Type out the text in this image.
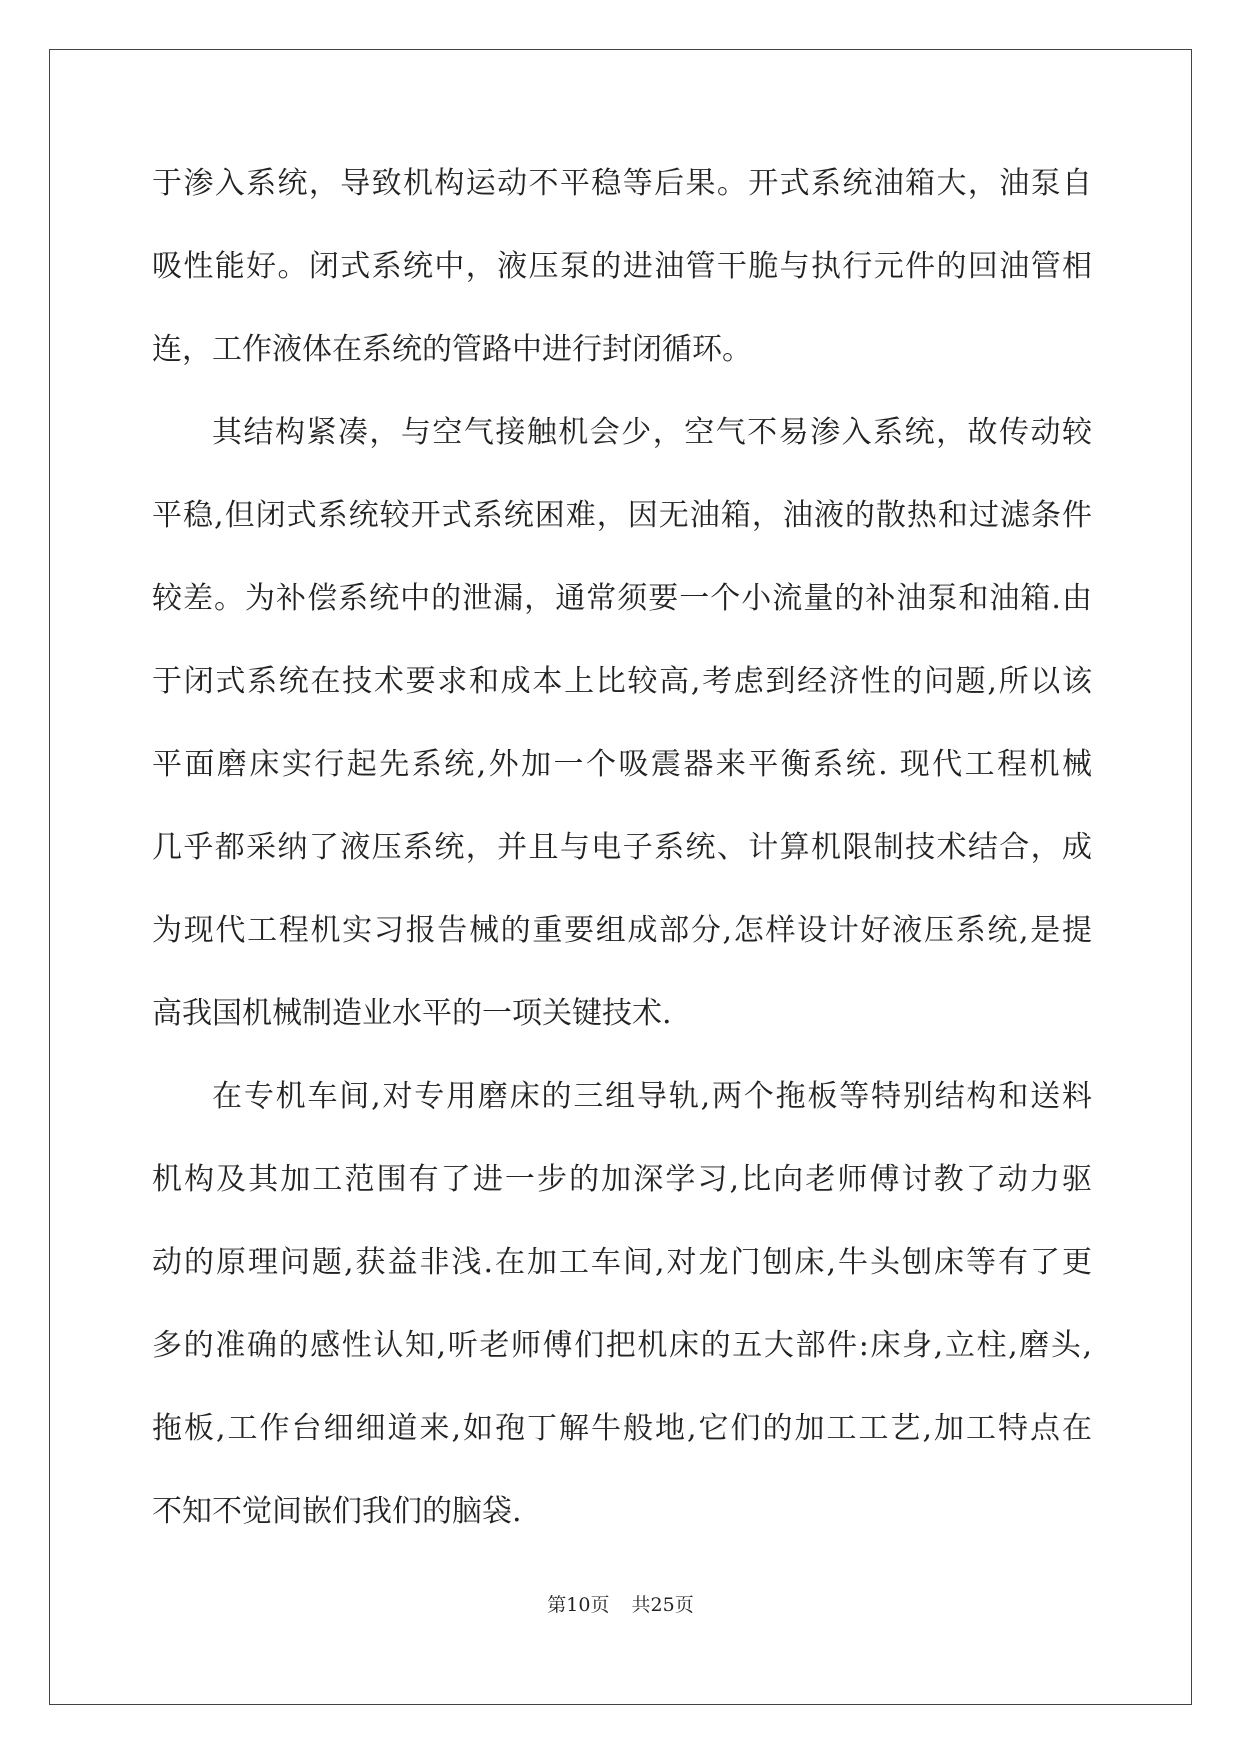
于渗入系统，导致机构运动不平稳等后果。开式系统油箱大，油泵自
吸性能好。闭式系统中，液压泵的进油管干脆与执行元件的回油管相
连，工作液体在系统的管路中进行封闭循环。
其结构紧凑，与空气接触机会少，空气不易渗入系统，故传动较
平稳,但闭式系统较开式系统困难，因无油箱，油液的散热和过滤条件
较差。为补偿系统中的泄漏，通常须要一个小流量的补油泵和油箱.由
于闭式系统在技术要求和成本上比较高,考虑到经济性的问题,所以该
平面磨床实行起先系统,外加一个吸震器来平衡系统. 现代工程机械
几乎都采纳了液压系统，并且与电子系统、计算机限制技术结合，成
为现代工程机实习报告械的重要组成部分,怎样设计好液压系统,是提
高我国机械制造业水平的一项关键技术.
在专机车间,对专用磨床的三组导轨,两个拖板等特别结构和送料
机构及其加工范围有了进一步的加深学习,比向老师傅讨教了动力驱
动的原理问题,获益非浅.在加工车间,对龙门刨床,牛头刨床等有了更
多的准确的感性认知,听老师傅们把机床的五大部件:床身,立柱,磨头,
拖板,工作台细细道来,如孢丁解牛般地,它们的加工工艺,加工特点在
不知不觉间嵌们我们的脑袋.
第10页 共25页
